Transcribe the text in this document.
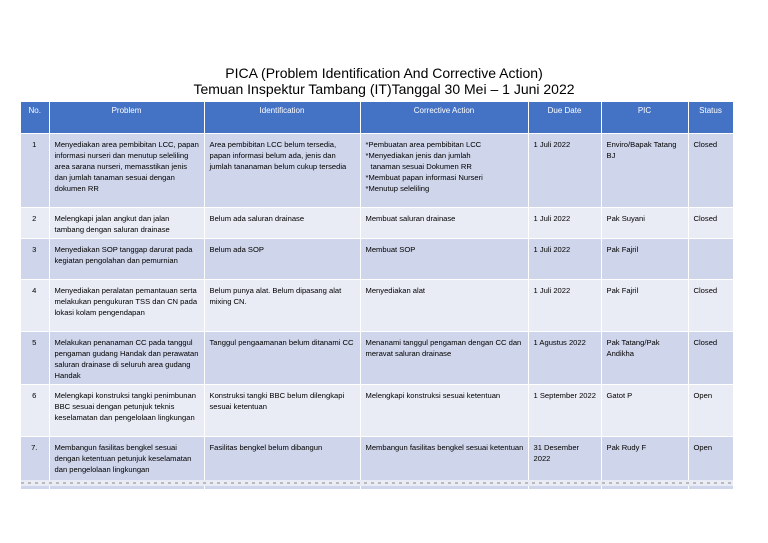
PICA (Problem Identification And Corrective Action)
Temuan Inspektur Tambang (IT)Tanggal 30 Mei – 1 Juni 2022
No.	Problem	Identification	Corrective Action	Due Date	PIC	Status
1	Menyediakan area pembibitan LCC, papan informasi nurseri dan menutup seleliling area sarana nurseri, memasstikan jenis dan jumlah tanaman sesuai dengan dokumen RR	Area pembibitan LCC belum tersedia, papan informasi belum ada, jenis dan jumlah tananaman belum cukup tersedia	*Pembuatan area pembibitan LCC
*Menyediakan jenis dan jumlah
tanaman sesuai Dokumen RR
*Membuat papan informasi Nurseri
*Menutup seleliling	1 Juli 2022	Enviro/Bapak Tatang BJ	Closed
2	Melengkapi jalan angkut dan jalan tambang dengan saluran drainase	Belum ada saluran drainase	Membuat saluran drainase	1 Juli 2022	Pak Suyani	Closed
3	Menyediakan SOP tanggap darurat pada kegiatan pengolahan dan pemurnian	Belum ada SOP	Membuat SOP	1 Juli 2022	Pak Fajril	
4	Menyediakan peralatan pemantauan serta melakukan pengukuran TSS dan CN pada lokasi kolam pengendapan	Belum punya alat. Belum dipasang alat mixing CN.	Menyediakan alat	1 Juli 2022	Pak Fajril	Closed
5	Melakukan penanaman CC pada tanggul pengaman gudang Handak dan perawatan saluran drainase di seluruh area gudang Handak	Tanggul pengaamanan belum ditanami CC	Menanami tanggul pengaman dengan CC dan meravat saluran drainase	1 Agustus 2022	Pak Tatang/Pak Andikha	Closed
6	Melengkapi konstruksi tangki penimbunan BBC sesuai dengan petunjuk teknis keselamatan dan pengelolaan lingkungan	Konstruksi tangki BBC belum dilengkapi sesuai ketentuan	Melengkapi konstruksi sesuai ketentuan	1 September 2022	Gatot P	Open
7.	Membangun fasilitas bengkel sesuai dengan ketentuan petunjuk keselamatan dan pengelolaan lingkungan	Fasilitas bengkel belum dibangun	Membangun fasilitas bengkel sesuai ketentuan	31 Desember 2022	Pak Rudy F	Open
